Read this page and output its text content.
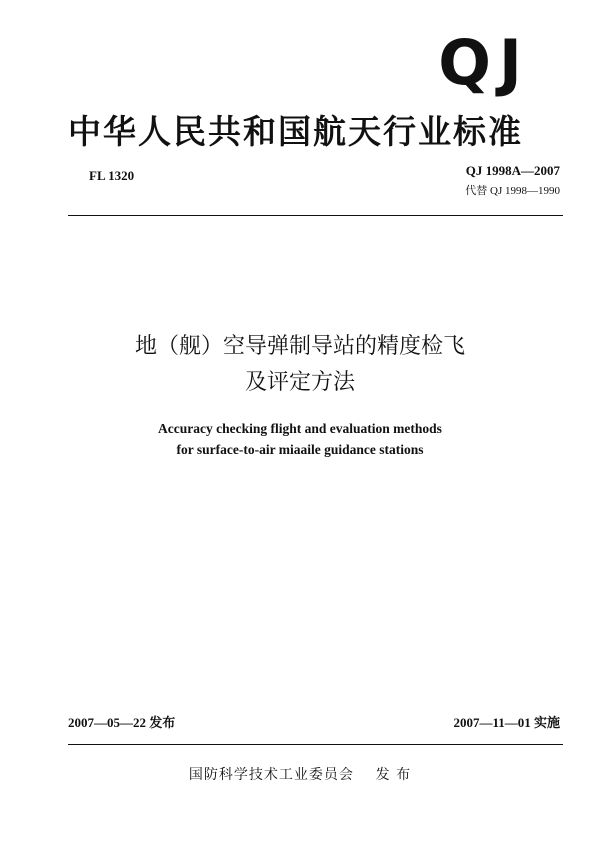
QJ
中华人民共和国航天行业标准
FL 1320	QJ 1998A—2007
代替 QJ 1998—1990
地（舰）空导弹制导站的精度检飞
及评定方法
Accuracy checking flight and evaluation methods
for surface-to-air miaaile guidance stations
2007—05—22 发布	2007—11—01 实施
国防科学技术工业委员会    发 布
